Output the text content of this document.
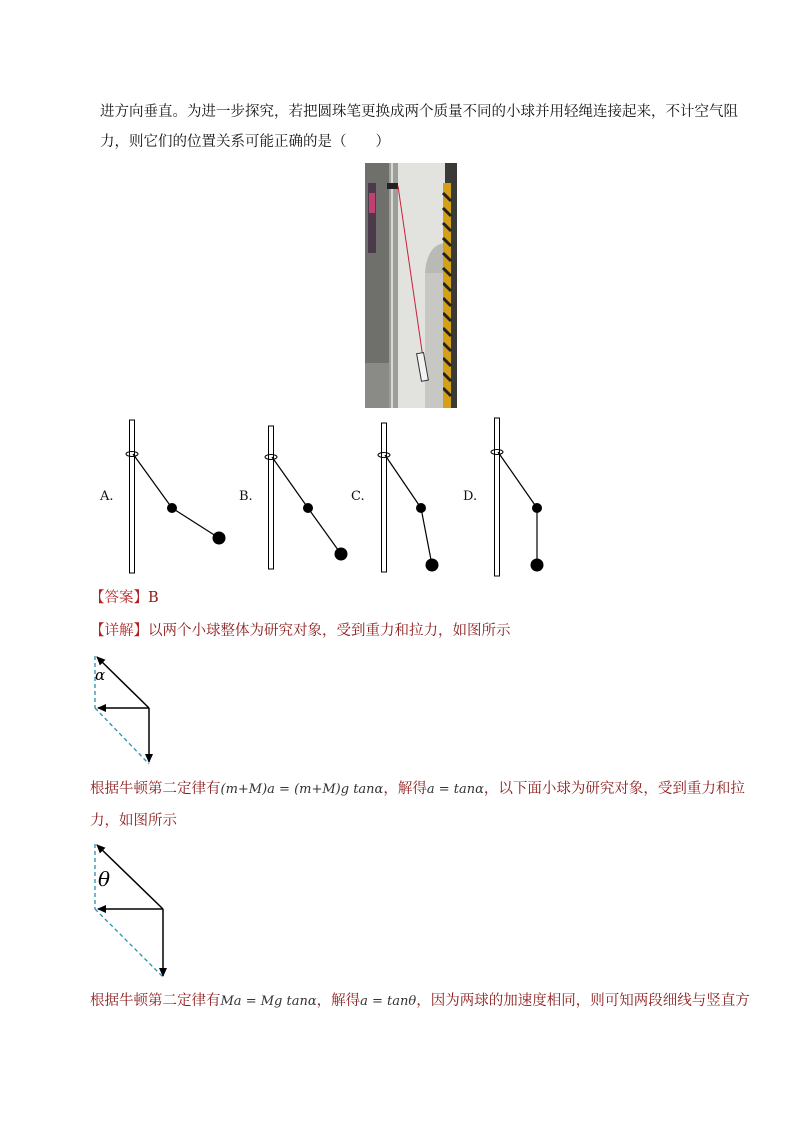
进方向垂直。为进一步探究，若把圆珠笔更换成两个质量不同的小球并用轻绳连接起来，不计空气阻
力，则它们的位置关系可能正确的是（　　）
A.	B.	C.	D.
【答案】B
【详解】以两个小球整体为研究对象，受到重力和拉力，如图所示
α
根据牛顿第二定律有(m+M)a = (m+M)g tanα，解得a = tanα，以下面小球为研究对象，受到重力和拉
力，如图所示
θ
根据牛顿第二定律有Ma = Mg tanα，解得a = tanθ，因为两球的加速度相同，则可知两段细线与竖直方
